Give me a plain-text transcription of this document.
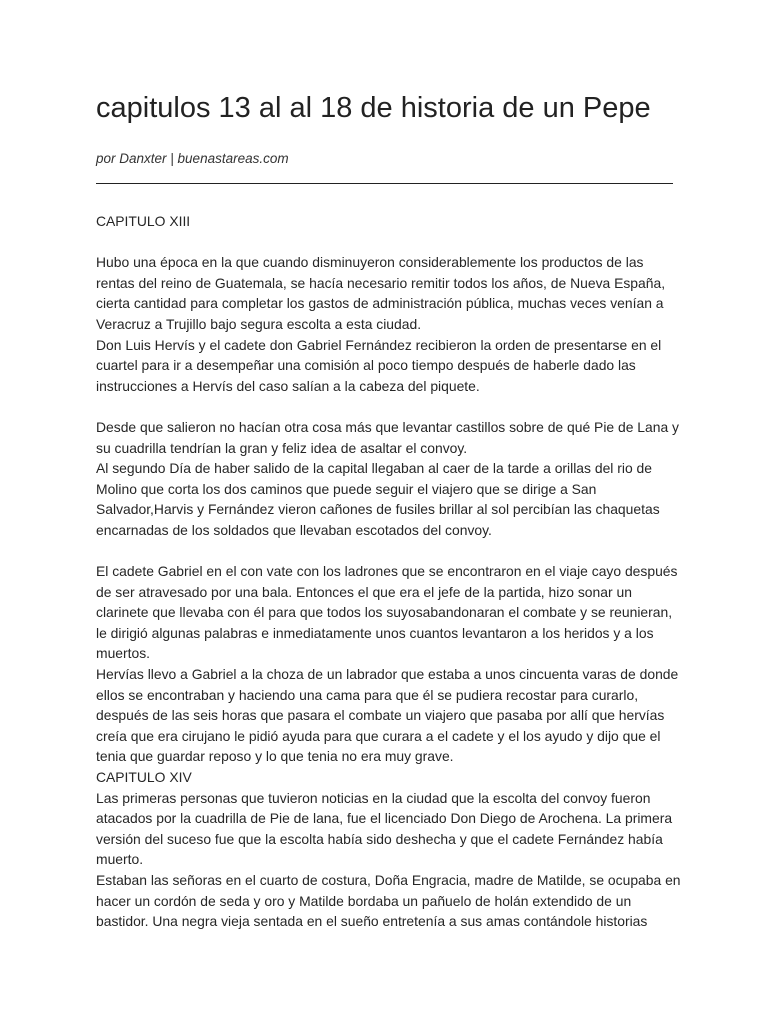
capitulos 13 al al 18 de historia de un Pepe

por Danxter | buenastareas.com

CAPITULO XIII
Hubo una época en la que cuando disminuyeron considerablemente los productos de las
rentas del reino de Guatemala, se hacía necesario remitir todos los años, de Nueva España,
cierta cantidad para completar los gastos de administración pública, muchas veces venían a
Veracruz a Trujillo bajo segura escolta a esta ciudad.
Don Luis Hervís y el cadete don Gabriel Fernández recibieron la orden de presentarse en el
cuartel para ir a desempeñar una comisión al poco tiempo después de haberle dado las
instrucciones a Hervís del caso salían a la cabeza del piquete.
Desde que salieron no hacían otra cosa más que levantar castillos sobre de qué Pie de Lana y
su cuadrilla tendrían la gran y feliz idea de asaltar el convoy.
Al segundo Día de haber salido de la capital llegaban al caer de la tarde a orillas del rio de
Molino que corta los dos caminos que puede seguir el viajero que se dirige a San
Salvador,Harvis y Fernández vieron cañones de fusiles brillar al sol percibían las chaquetas
encarnadas de los soldados que llevaban escotados del convoy.
El cadete Gabriel en el con vate con los ladrones que se encontraron en el viaje cayo después
de ser atravesado por una bala. Entonces el que era el jefe de la partida, hizo sonar un
clarinete que llevaba con él para que todos los suyosabandonaran el combate y se reunieran,
le dirigió algunas palabras e inmediatamente unos cuantos levantaron a los heridos y a los
muertos.
Hervías llevo a Gabriel a la choza de un labrador que estaba a unos cincuenta varas de donde
ellos se encontraban y haciendo una cama para que él se pudiera recostar para curarlo,
después de las seis horas que pasara el combate un viajero que pasaba por allí que hervías
creía que era cirujano le pidió ayuda para que curara a el cadete y el los ayudo y dijo que el
tenia que guardar reposo y lo que tenia no era muy grave.
CAPITULO XIV
Las primeras personas que tuvieron noticias en la ciudad que la escolta del convoy fueron
atacados por la cuadrilla de Pie de lana, fue el licenciado Don Diego de Arochena. La primera
versión del suceso fue que la escolta había sido deshecha y que el cadete Fernández había
muerto.
Estaban las señoras en el cuarto de costura, Doña Engracia, madre de Matilde, se ocupaba en
hacer un cordón de seda y oro y Matilde bordaba un pañuelo de holán extendido de un
bastidor. Una negra vieja sentada en el sueño entretenía a sus amas contándole historias
